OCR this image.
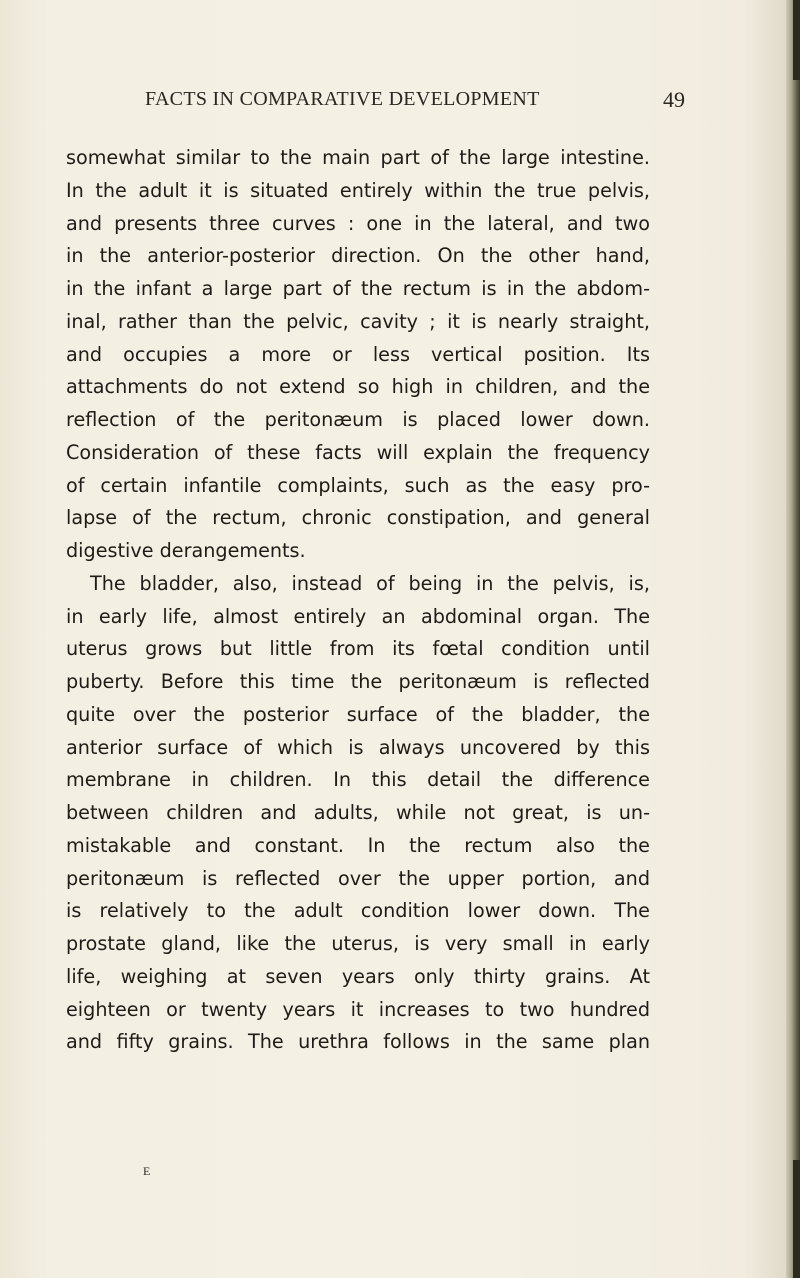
FACTS IN COMPARATIVE DEVELOPMENT	49
somewhat similar to the main part of the large intestine.
In the adult it is situated entirely within the true pelvis,
and presents three curves : one in the lateral, and two
in the anterior-posterior direction. On the other hand,
in the infant a large part of the rectum is in the abdom-
inal, rather than the pelvic, cavity ; it is nearly straight,
and occupies a more or less vertical position. Its
attachments do not extend so high in children, and the
reflection of the peritonæum is placed lower down.
Consideration of these facts will explain the frequency
of certain infantile complaints, such as the easy pro-
lapse of the rectum, chronic constipation, and general
digestive derangements.
The bladder, also, instead of being in the pelvis, is,
in early life, almost entirely an abdominal organ. The
uterus grows but little from its fœtal condition until
puberty. Before this time the peritonæum is reflected
quite over the posterior surface of the bladder, the
anterior surface of which is always uncovered by this
membrane in children. In this detail the difference
between children and adults, while not great, is un-
mistakable and constant. In the rectum also the
peritonæum is reflected over the upper portion, and
is relatively to the adult condition lower down. The
prostate gland, like the uterus, is very small in early
life, weighing at seven years only thirty grains. At
eighteen or twenty years it increases to two hundred
and fifty grains. The urethra follows in the same plan
E
